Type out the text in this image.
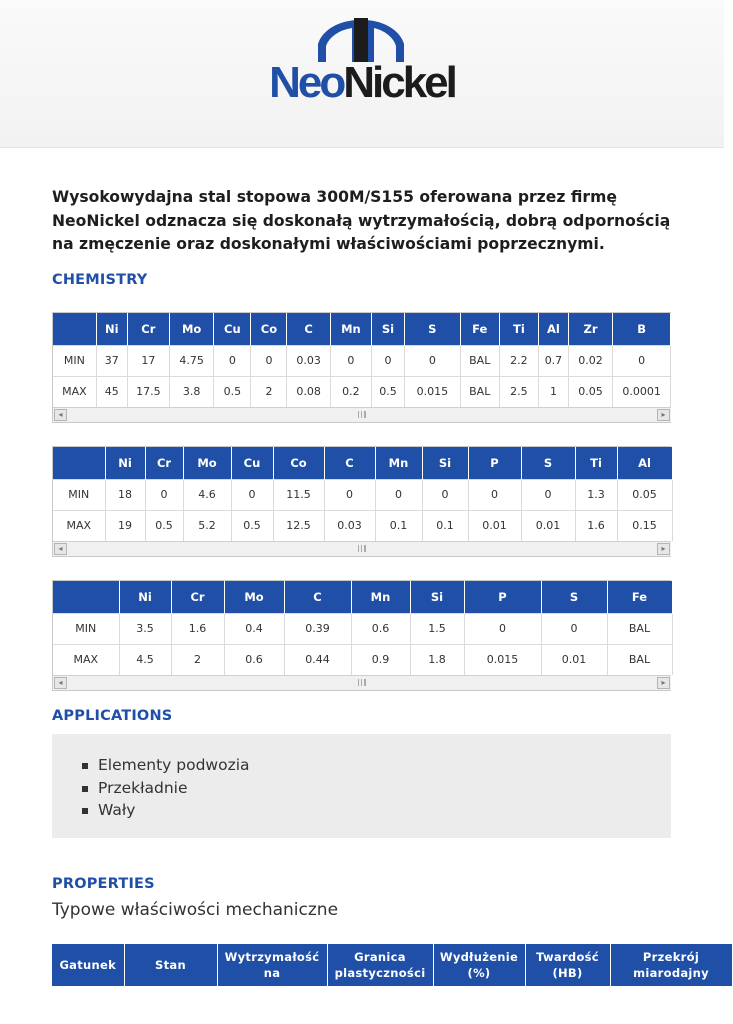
NeoNickel

Wysokowydajna stal stopowa 300M/S155 oferowana przez firmę NeoNickel odznacza się doskonałą wytrzymałością, dobrą odpornością na zmęczenie oraz doskonałymi właściwościami poprzecznymi.

CHEMISTRY
	Ni	Cr	Mo	Cu	Co	C	Mn	Si	S	Fe	Ti	Al	Zr	B
MIN	37	17	4.75	0	0	0.03	0	0	0	BAL	2.2	0.7	0.02	0
MAX	45	17.5	3.8	0.5	2	0.08	0.2	0.5	0.015	BAL	2.5	1	0.05	0.0001
◂	▸
	Ni	Cr	Mo	Cu	Co	C	Mn	Si	P	S	Ti	Al
MIN	18	0	4.6	0	11.5	0	0	0	0	0	1.3	0.05
MAX	19	0.5	5.2	0.5	12.5	0.03	0.1	0.1	0.01	0.01	1.6	0.15
◂	▸
	Ni	Cr	Mo	C	Mn	Si	P	S	Fe
MIN	3.5	1.6	0.4	0.39	0.6	1.5	0	0	BAL
MAX	4.5	2	0.6	0.44	0.9	1.8	0.015	0.01	BAL
◂	▸
APPLICATIONS
Elementy podwozia
Przekładnie
Wały
PROPERTIES
Typowe właściwości mechaniczne
Gatunek	Stan	Wytrzymałość na	Granica plastyczności	Wydłużenie (%)	Twardość (HB)	Przekrój miarodajny
